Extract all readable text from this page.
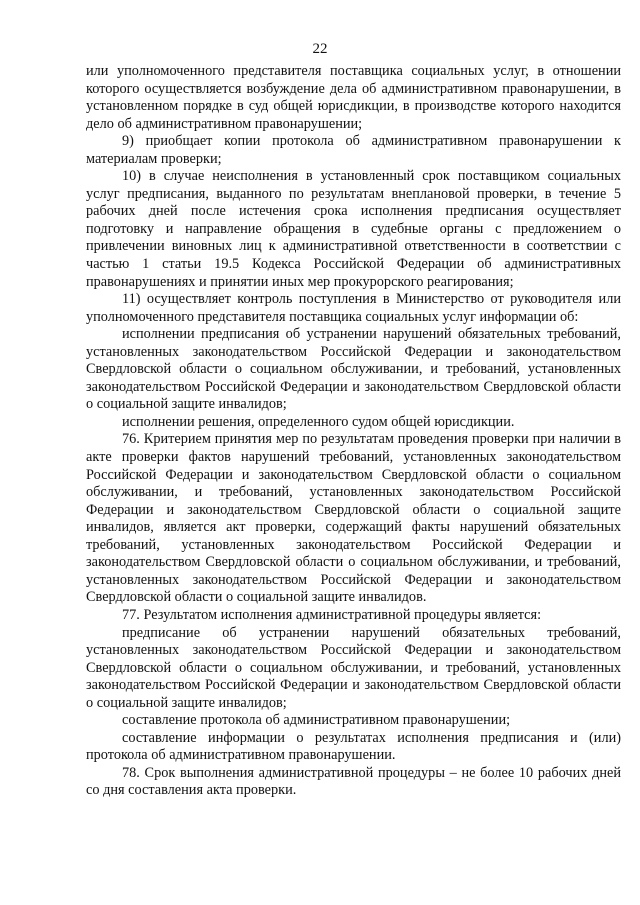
22

или уполномоченного представителя поставщика социальных услуг, в отношении которого осуществляется возбуждение дела об административном правонарушении, в установленном порядке в суд общей юрисдикции, в производстве которого находится дело об административном правонарушении;

9) приобщает копии протокола об административном правонарушении к материалам проверки;

10) в случае неисполнения в установленный срок поставщиком социальных услуг предписания, выданного по результатам внеплановой проверки, в течение 5 рабочих дней после истечения срока исполнения предписания осуществляет подготовку и направление обращения в судебные органы с предложением о привлечении виновных лиц к административной ответственности в соответствии с частью 1 статьи 19.5 Кодекса Российской Федерации об административных правонарушениях и принятии иных мер прокурорского реагирования;

11) осуществляет контроль поступления в Министерство от руководителя или уполномоченного представителя поставщика социальных услуг информации об:

исполнении предписания об устранении нарушений обязательных требований, установленных законодательством Российской Федерации и законодательством Свердловской области о социальном обслуживании, и требований, установленных законодательством Российской Федерации и законодательством Свердловской области о социальной защите инвалидов;

исполнении решения, определенного судом общей юрисдикции.

76. Критерием принятия мер по результатам проведения проверки при наличии в акте проверки фактов нарушений требований, установленных законодательством Российской Федерации и законодательством Свердловской области о социальном обслуживании, и требований, установленных законодательством Российской Федерации и законодательством Свердловской области о социальной защите инвалидов, является акт проверки, содержащий факты нарушений обязательных требований, установленных законодательством Российской Федерации и законодательством Свердловской области о социальном обслуживании, и требований, установленных законодательством Российской Федерации и законодательством Свердловской области о социальной защите инвалидов.

77. Результатом исполнения административной процедуры является:

предписание об устранении нарушений обязательных требований, установленных законодательством Российской Федерации и законодательством Свердловской области о социальном обслуживании, и требований, установленных законодательством Российской Федерации и законодательством Свердловской области о социальной защите инвалидов;

составление протокола об административном правонарушении;

составление информации о результатах исполнения предписания и (или) протокола об административном правонарушении.

78. Срок выполнения административной процедуры – не более 10 рабочих дней со дня составления акта проверки.
